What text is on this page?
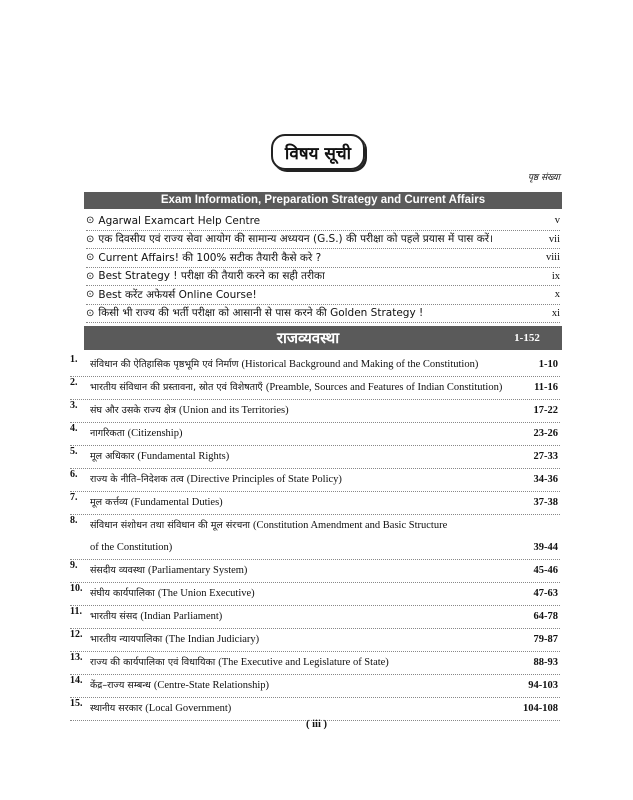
विषय सूची
पृष्ठ संख्या
Exam Information, Preparation Strategy and Current Affairs
⊙ Agarwal Examcart Help Centre	v
⊙ एक दिवसीय एवं राज्य सेवा आयोग की सामान्य अध्ययन (G.S.) की परीक्षा को पहले प्रयास में पास करें।	vii
⊙ Current Affairs! की 100% सटीक तैयारी कैसे करे ?	viii
⊙ Best Strategy ! परीक्षा की तैयारी करने का सही तरीका	ix
⊙ Best करेंट अफेयर्स Online Course!	x
⊙ किसी भी राज्य की भर्ती परीक्षा को आसानी से पास करने की Golden Strategy !	xi
राजव्यवस्था	1-152
1.	संविधान की ऐतिहासिक पृष्ठभूमि एवं निर्माण (Historical Background and Making of the Constitution)	1-10
2.	भारतीय संविधान की प्रस्तावना, स्रोत एवं विशेषताएँ (Preamble, Sources and Features of Indian Constitution)	11-16
3.	संघ और उसके राज्य क्षेत्र (Union and its Territories)	17-22
4.	नागरिकता (Citizenship)	23-26
5.	मूल अधिकार (Fundamental Rights)	27-33
6.	राज्य के नीति–निदेशक तत्व (Directive Principles of State Policy)	34-36
7.	मूल कर्त्तव्य (Fundamental Duties)	37-38
8.	संविधान संशोधन तथा संविधान की मूल संरचना (Constitution Amendment and Basic Structure
of the Constitution)	39-44
9.	संसदीय व्यवस्था (Parliamentary System)	45-46
10. संघीय कार्यपालिका (The Union Executive)	47-63
11. भारतीय संसद (Indian Parliament)	64-78
12. भारतीय न्यायपालिका (The Indian Judiciary)	79-87
13. राज्य की कार्यपालिका एवं विधायिका (The Executive and Legislature of State)	88-93
14. केंद्र–राज्य सम्बन्ध (Centre-State Relationship)	94-103
15. स्थानीय सरकार (Local Government)	104-108
( iii )
